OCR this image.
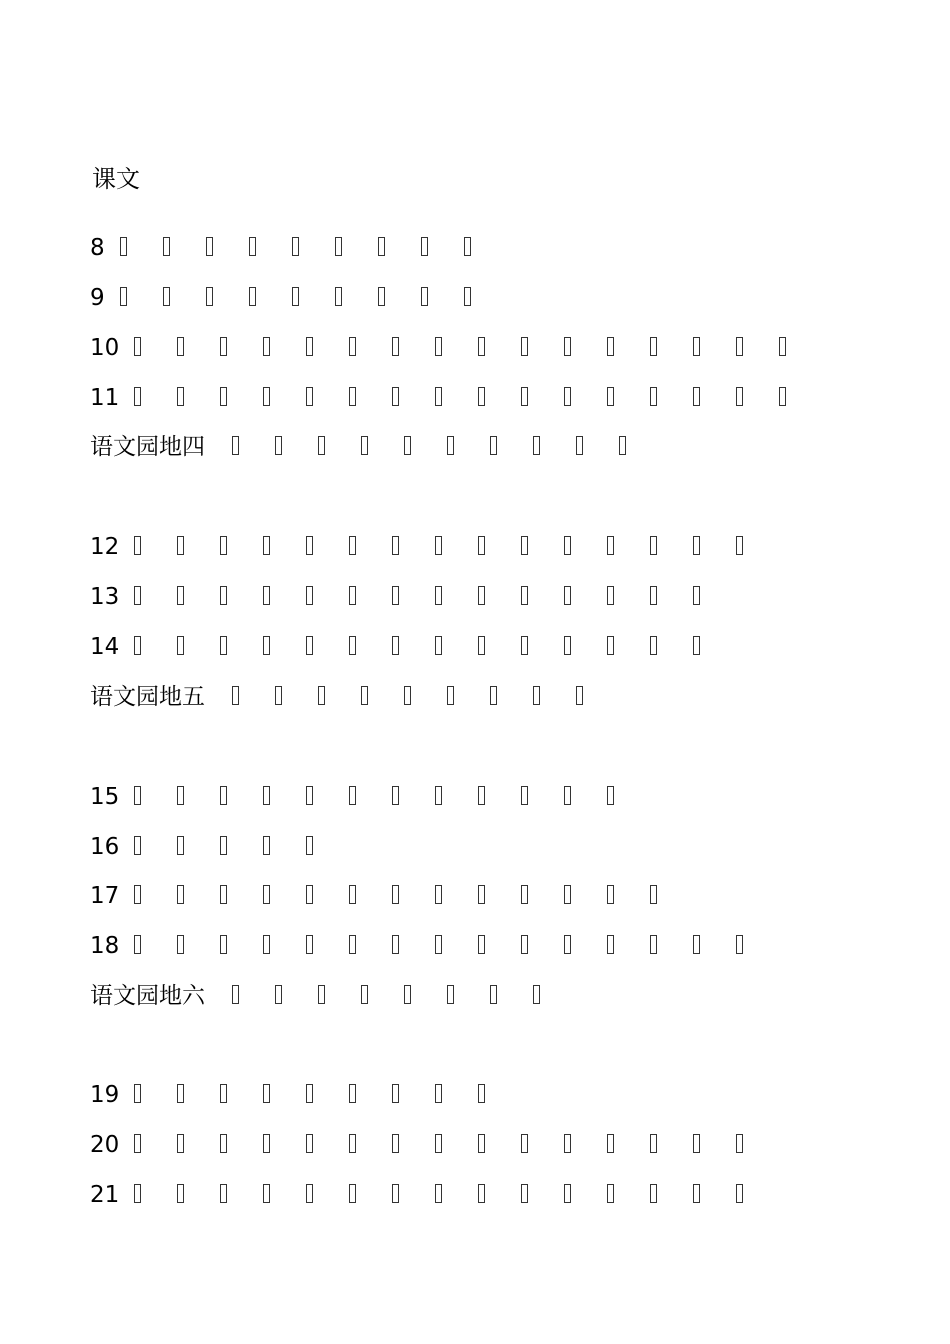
课文
8
9
10
11
语文园地四
12
13
14
语文园地五
15
16
17
18
语文园地六
19
20
21
